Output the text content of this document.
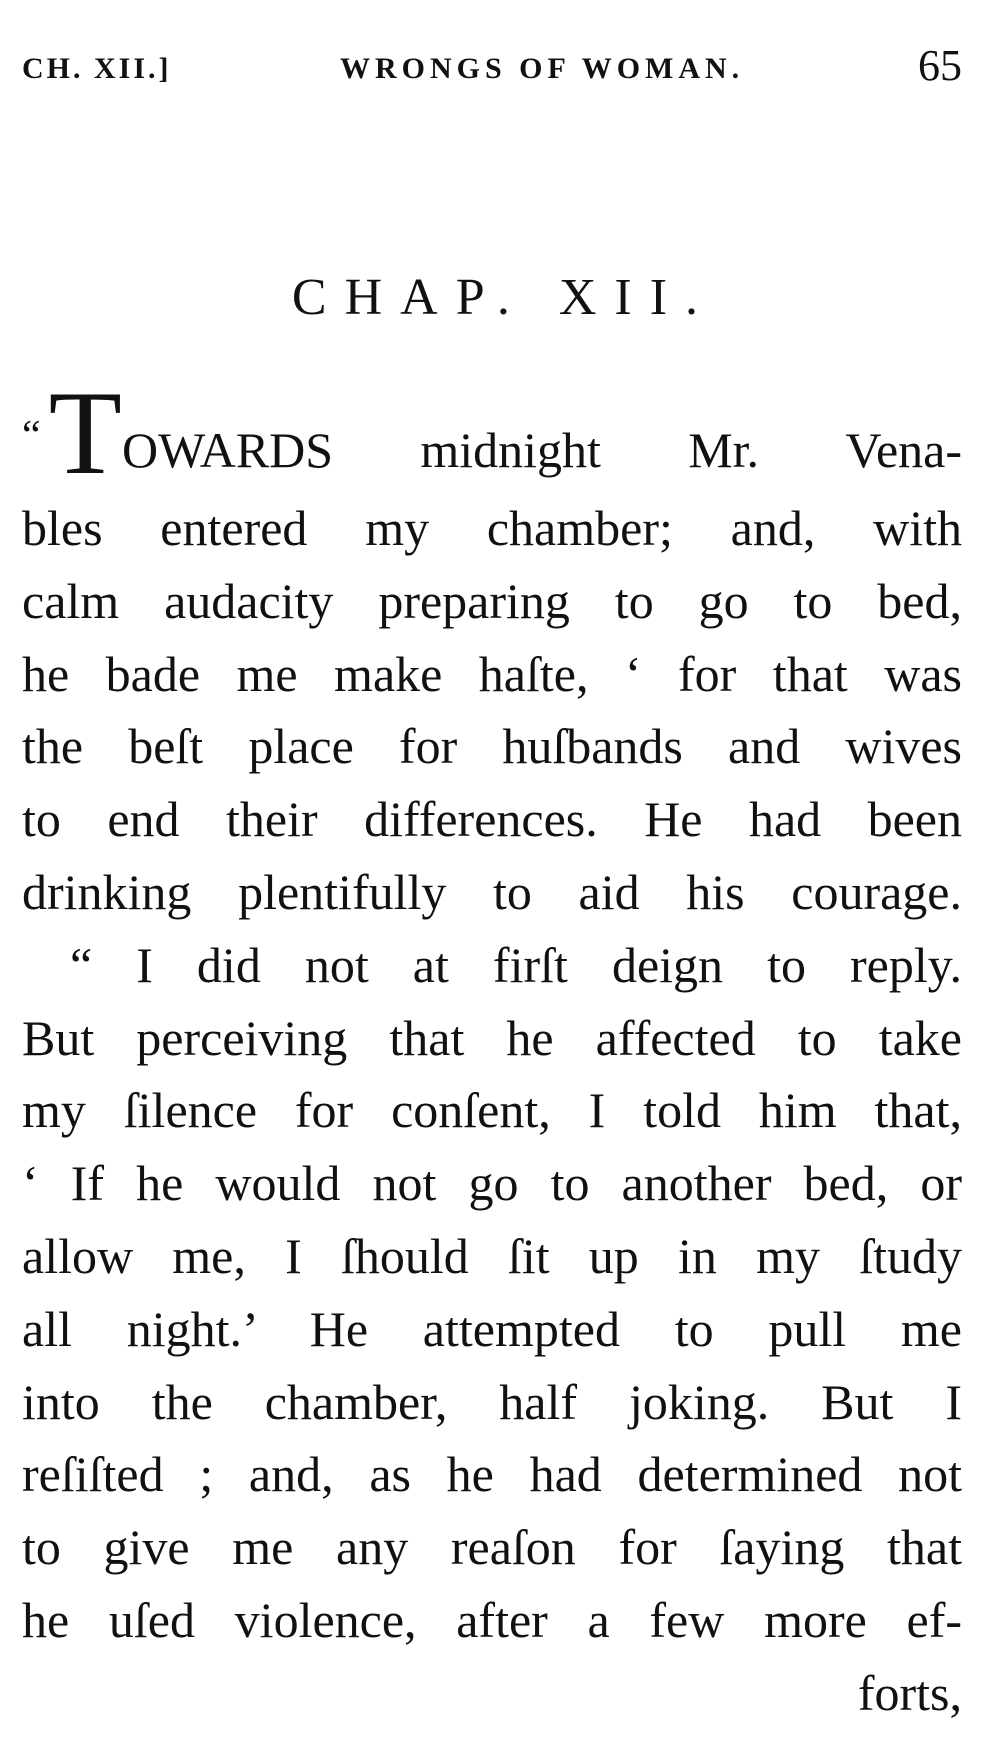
CH. XII.]	WRONGS OF WOMAN.	65
CHAP. XII.
“TOWARDS midnight Mr. Vena-
bles entered my chamber; and, with
calm audacity preparing to go to bed,
he bade me make haſte, ‘ for that was
the beſt place for huſbands and wives
to end their differences. He had been
drinking plentifully to aid his courage.
“ I did not at firſt deign to reply.
But perceiving that he affected to take
my ſilence for conſent, I told him that,
‘ If he would not go to another bed, or
allow me, I ſhould ſit up in my ſtudy
all night.’ He attempted to pull me
into the chamber, half joking. But I
reſiſted ; and, as he had determined not
to give me any reaſon for ſaying that
he uſed violence, after a few more ef-
forts,
